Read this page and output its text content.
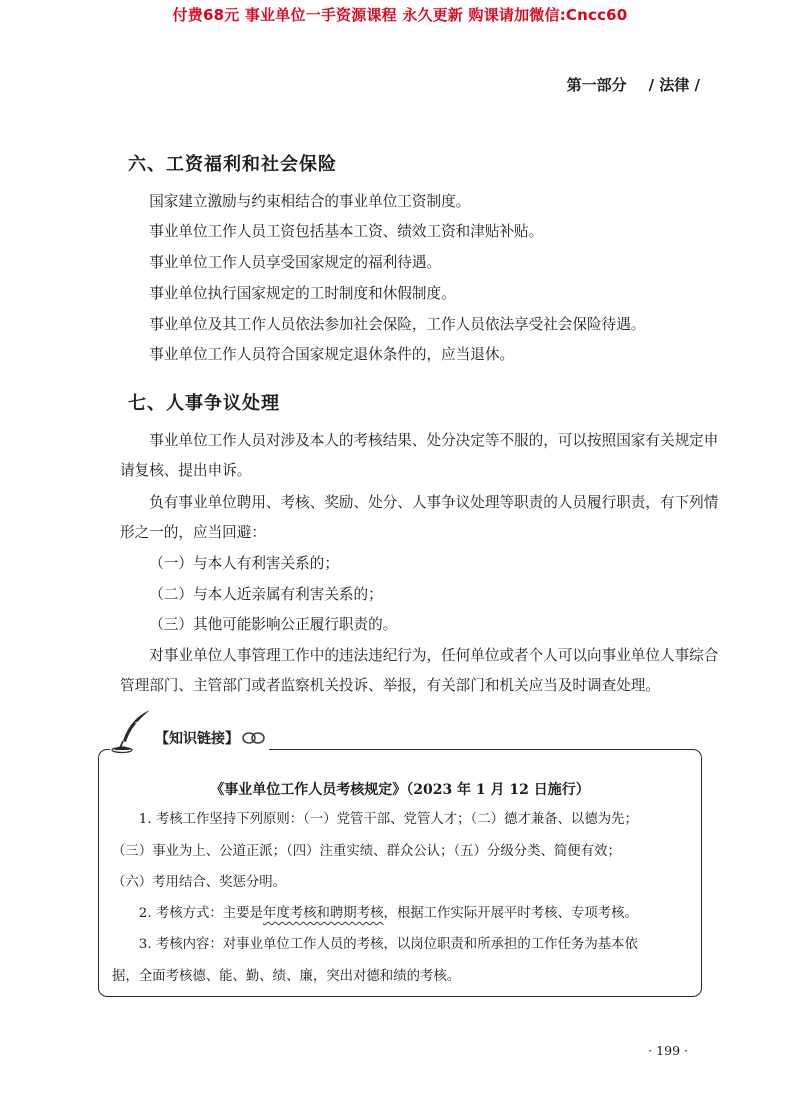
付费68元 事业单位一手资源课程 永久更新 购课请加微信:Cncc60
第一部分 / 法律 /
六、工资福利和社会保险

国家建立激励与约束相结合的事业单位工资制度。

事业单位工作人员工资包括基本工资、绩效工资和津贴补贴。

事业单位工作人员享受国家规定的福利待遇。

事业单位执行国家规定的工时制度和休假制度。

事业单位及其工作人员依法参加社会保险，工作人员依法享受社会保险待遇。

事业单位工作人员符合国家规定退休条件的，应当退休。

七、人事争议处理
事业单位工作人员对涉及本人的考核结果、处分决定等不服的，可以按照国家有关规定申
请复核、提出申诉。
负有事业单位聘用、考核、奖励、处分、人事争议处理等职责的人员履行职责，有下列情
形之一的，应当回避：

（一）与本人有利害关系的；

（二）与本人近亲属有利害关系的；

（三）其他可能影响公正履行职责的。

对事业单位人事管理工作中的违法违纪行为，任何单位或者个人可以向事业单位人事综合
管理部门、主管部门或者监察机关投诉、举报，有关部门和机关应当及时调查处理。
【知识链接】
《事业单位工作人员考核规定》（2023 年 1 月 12 日施行）
1. 考核工作坚持下列原则：（一）党管干部、党管人才；（二）德才兼备、以德为先；
（三）事业为上、公道正派；（四）注重实绩、群众公认；（五）分级分类、简便有效；
（六）考用结合、奖惩分明。
2. 考核方式：主要是年度考核和聘期考核，根据工作实际开展平时考核、专项考核。
3. 考核内容：对事业单位工作人员的考核，以岗位职责和所承担的工作任务为基本依
据，全面考核德、能、勤、绩、廉，突出对德和绩的考核。
· 199 ·
